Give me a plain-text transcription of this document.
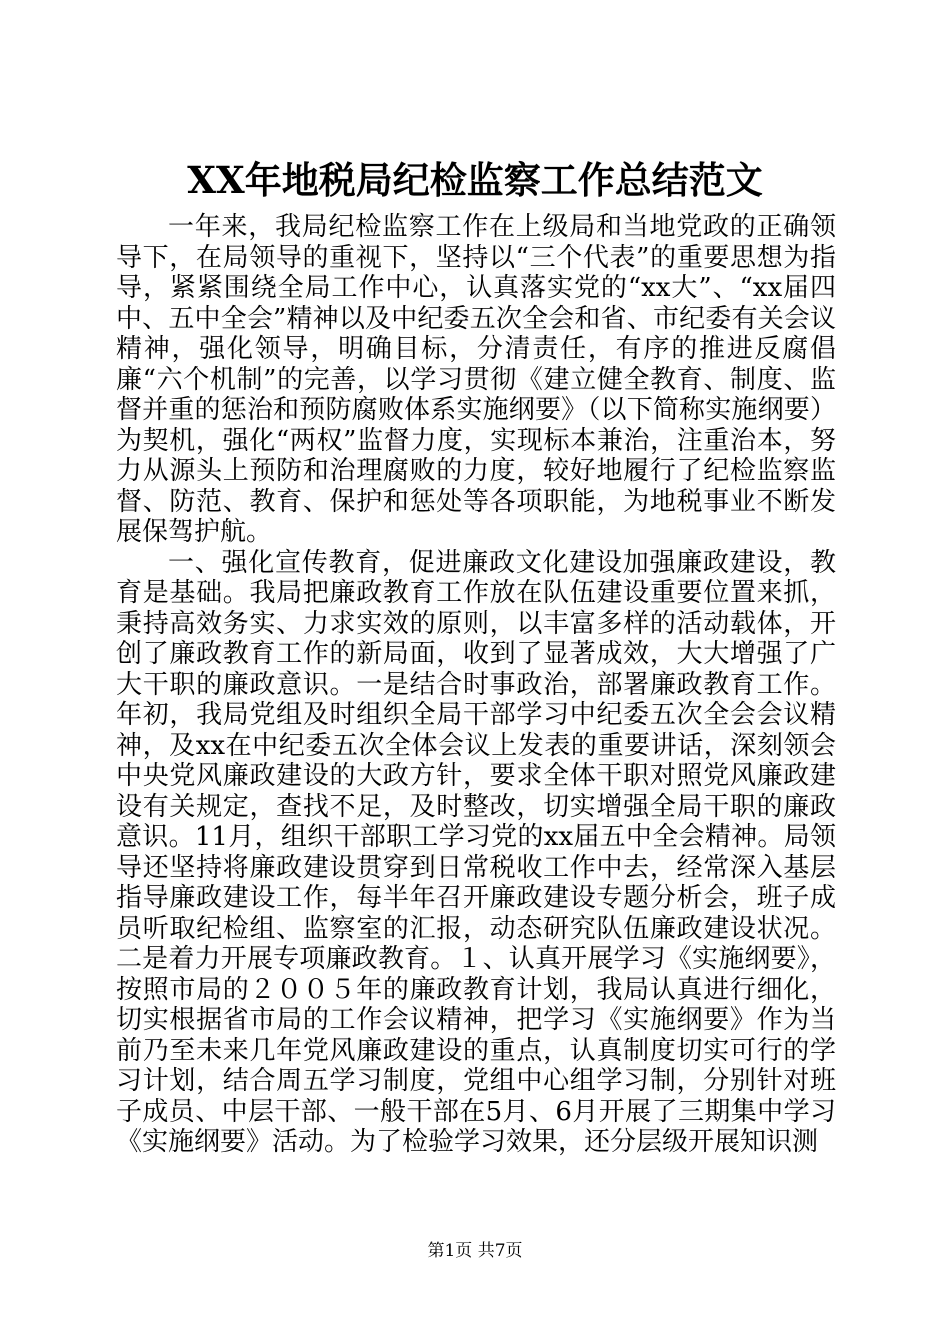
XX年地税局纪检监察工作总结范文

一年来，我局纪检监察工作在上级局和当地党政的正确领导下，在局领导的重视下，坚持以“三个代表”的重要思想为指导，紧紧围绕全局工作中心，认真落实党的“xx大”、“xx届四中、五中全会”精神以及中纪委五次全会和省、市纪委有关会议精神，强化领导，明确目标，分清责任，有序的推进反腐倡廉“六个机制”的完善，以学习贯彻《建立健全教育、制度、监督并重的惩治和预防腐败体系实施纲要》（以下简称实施纲要）为契机，强化“两权”监督力度，实现标本兼治，注重治本，努力从源头上预防和治理腐败的力度，较好地履行了纪检监察监督、防范、教育、保护和惩处等各项职能，为地税事业不断发展保驾护航。

一、强化宣传教育，促进廉政文化建设加强廉政建设，教育是基础。我局把廉政教育工作放在队伍建设重要位置来抓，秉持高效务实、力求实效的原则，以丰富多样的活动载体，开创了廉政教育工作的新局面，收到了显著成效，大大增强了广大干职的廉政意识。一是结合时事政治，部署廉政教育工作。年初，我局党组及时组织全局干部学习中纪委五次全会会议精神，及xx在中纪委五次全体会议上发表的重要讲话，深刻领会中央党风廉政建设的大政方针，要求全体干职对照党风廉政建设有关规定，查找不足，及时整改，切实增强全局干职的廉政意识。11月，组织干部职工学习党的xx届五中全会精神。局领导还坚持将廉政建设贯穿到日常税收工作中去，经常深入基层指导廉政建设工作，每半年召开廉政建设专题分析会，班子成员听取纪检组、监察室的汇报，动态研究队伍廉政建设状况。二是着力开展专项廉政教育。１、认真开展学习《实施纲要》，按照市局的２００５年的廉政教育计划，我局认真进行细化，切实根据省市局的工作会议精神，把学习《实施纲要》作为当前乃至未来几年党风廉政建设的重点，认真制度切实可行的学习计划，结合周五学习制度，党组中心组学习制，分别针对班子成员、中层干部、一般干部在5月、6月开展了三期集中学习《实施纲要》活动。为了检验学习效果，还分层级开展知识测

第1页 共7页
